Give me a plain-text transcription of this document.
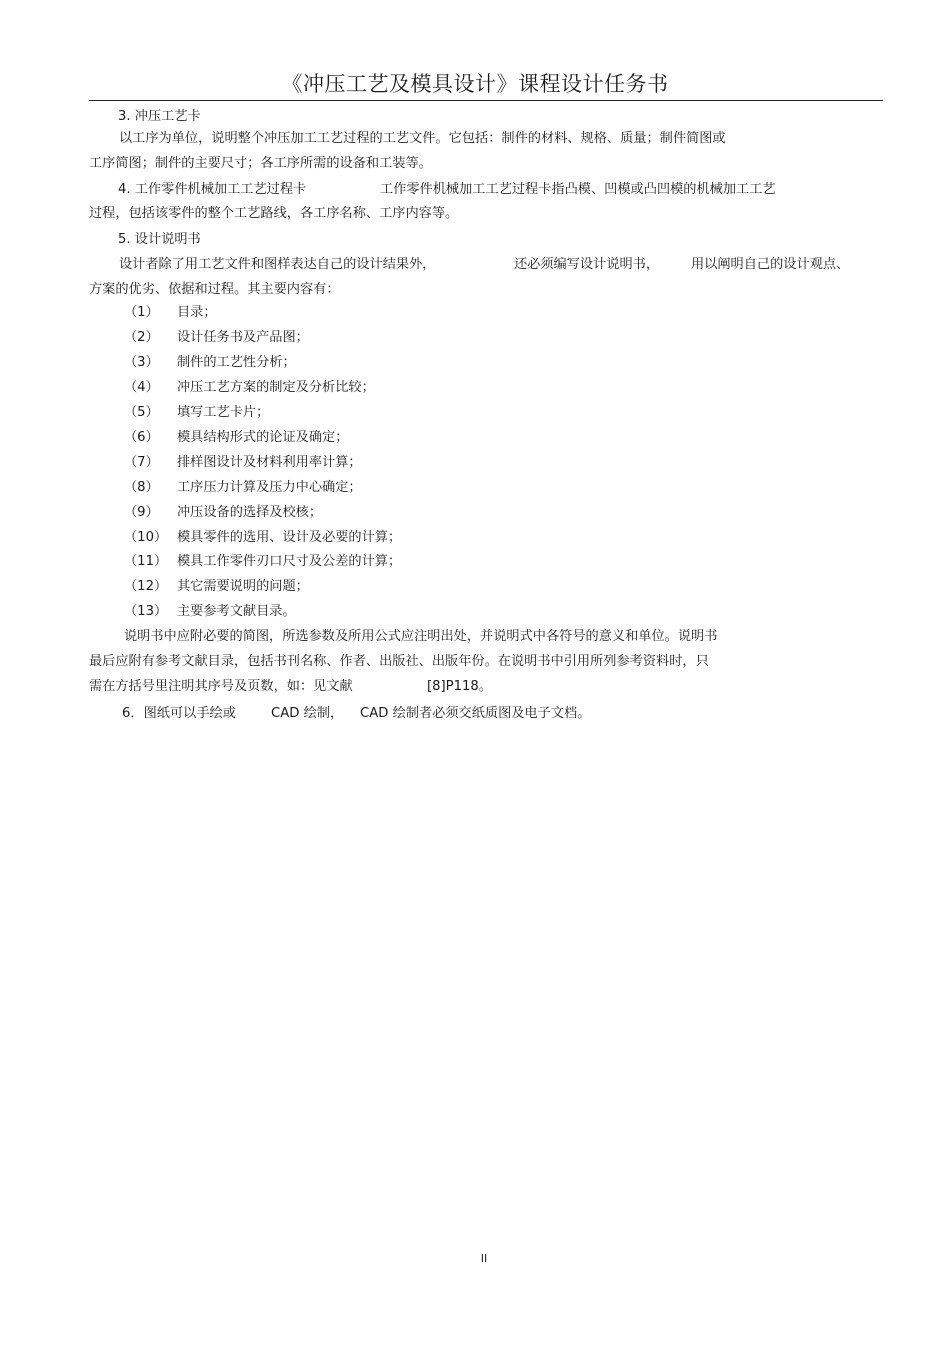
《冲压工艺及模具设计》课程设计任务书
3. 冲压工艺卡
以工序为单位，说明整个冲压加工工艺过程的工艺文件。它包括：制件的材料、规格、质量；制件简图或
工序简图；制件的主要尺寸；各工序所需的设备和工装等。
4. 工作零件机械加工工艺过程卡	工作零件机械加工工艺过程卡指凸模、凹模或凸凹模的机械加工工艺
过程，包括该零件的整个工艺路线，各工序名称、工序内容等。
5. 设计说明书
设计者除了用工艺文件和图样表达自己的设计结果外，	还必须编写设计说明书， 用以阐明自己的设计观点、
方案的优劣、依据和过程。其主要内容有：
（1） 目录；
（2） 设计任务书及产品图；
（3） 制件的工艺性分析；
（4） 冲压工艺方案的制定及分析比较；
（5） 填写工艺卡片；
（6） 模具结构形式的论证及确定；
（7） 排样图设计及材料利用率计算；
（8） 工序压力计算及压力中心确定；
（9） 冲压设备的选择及校核；
（10） 模具零件的选用、设计及必要的计算；
（11） 模具工作零件刃口尺寸及公差的计算；
（12） 其它需要说明的问题；
（13） 主要参考文献目录。
说明书中应附必要的简图，所选参数及所用公式应注明出处，并说明式中各符号的意义和单位。说明书
最后应附有参考文献目录，包括书刊名称、作者、出版社、出版年份。在说明书中引用所列参考资料时，只
需在方括号里注明其序号及页数，如：见文献	[8]P118。
6．图纸可以手绘或	CAD 绘制， CAD 绘制者必须交纸质图及电子文档。
II
